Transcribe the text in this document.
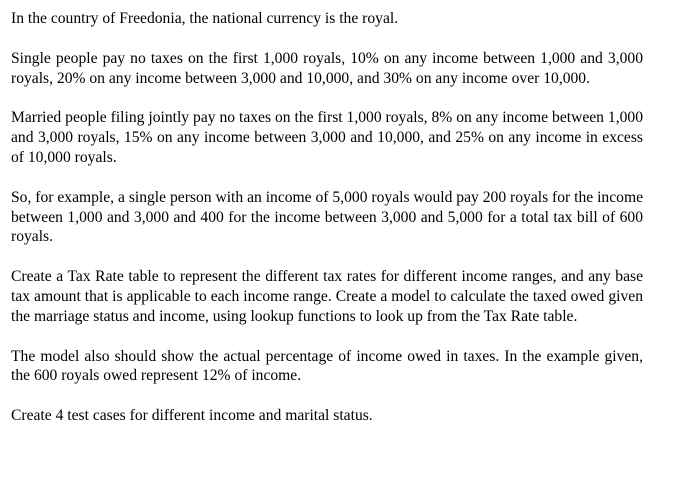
In the country of Freedonia, the national currency is the royal.

Single people pay no taxes on the first 1,000 royals, 10% on any income between 1,000 and 3,000 royals, 20% on any income between 3,000 and 10,000, and 30% on any income over 10,000.

Married people filing jointly pay no taxes on the first 1,000 royals, 8% on any income between 1,000 and 3,000 royals, 15% on any income between 3,000 and 10,000, and 25% on any income in excess of 10,000 royals.

So, for example, a single person with an income of 5,000 royals would pay 200 royals for the income between 1,000 and 3,000 and 400 for the income between 3,000 and 5,000 for a total tax bill of 600 royals.

Create a Tax Rate table to represent the different tax rates for different income ranges, and any base tax amount that is applicable to each income range. Create a model to calculate the taxed owed given the marriage status and income, using lookup functions to look up from the Tax Rate table.

The model also should show the actual percentage of income owed in taxes. In the example given, the 600 royals owed represent 12% of income.

Create 4 test cases for different income and marital status.
